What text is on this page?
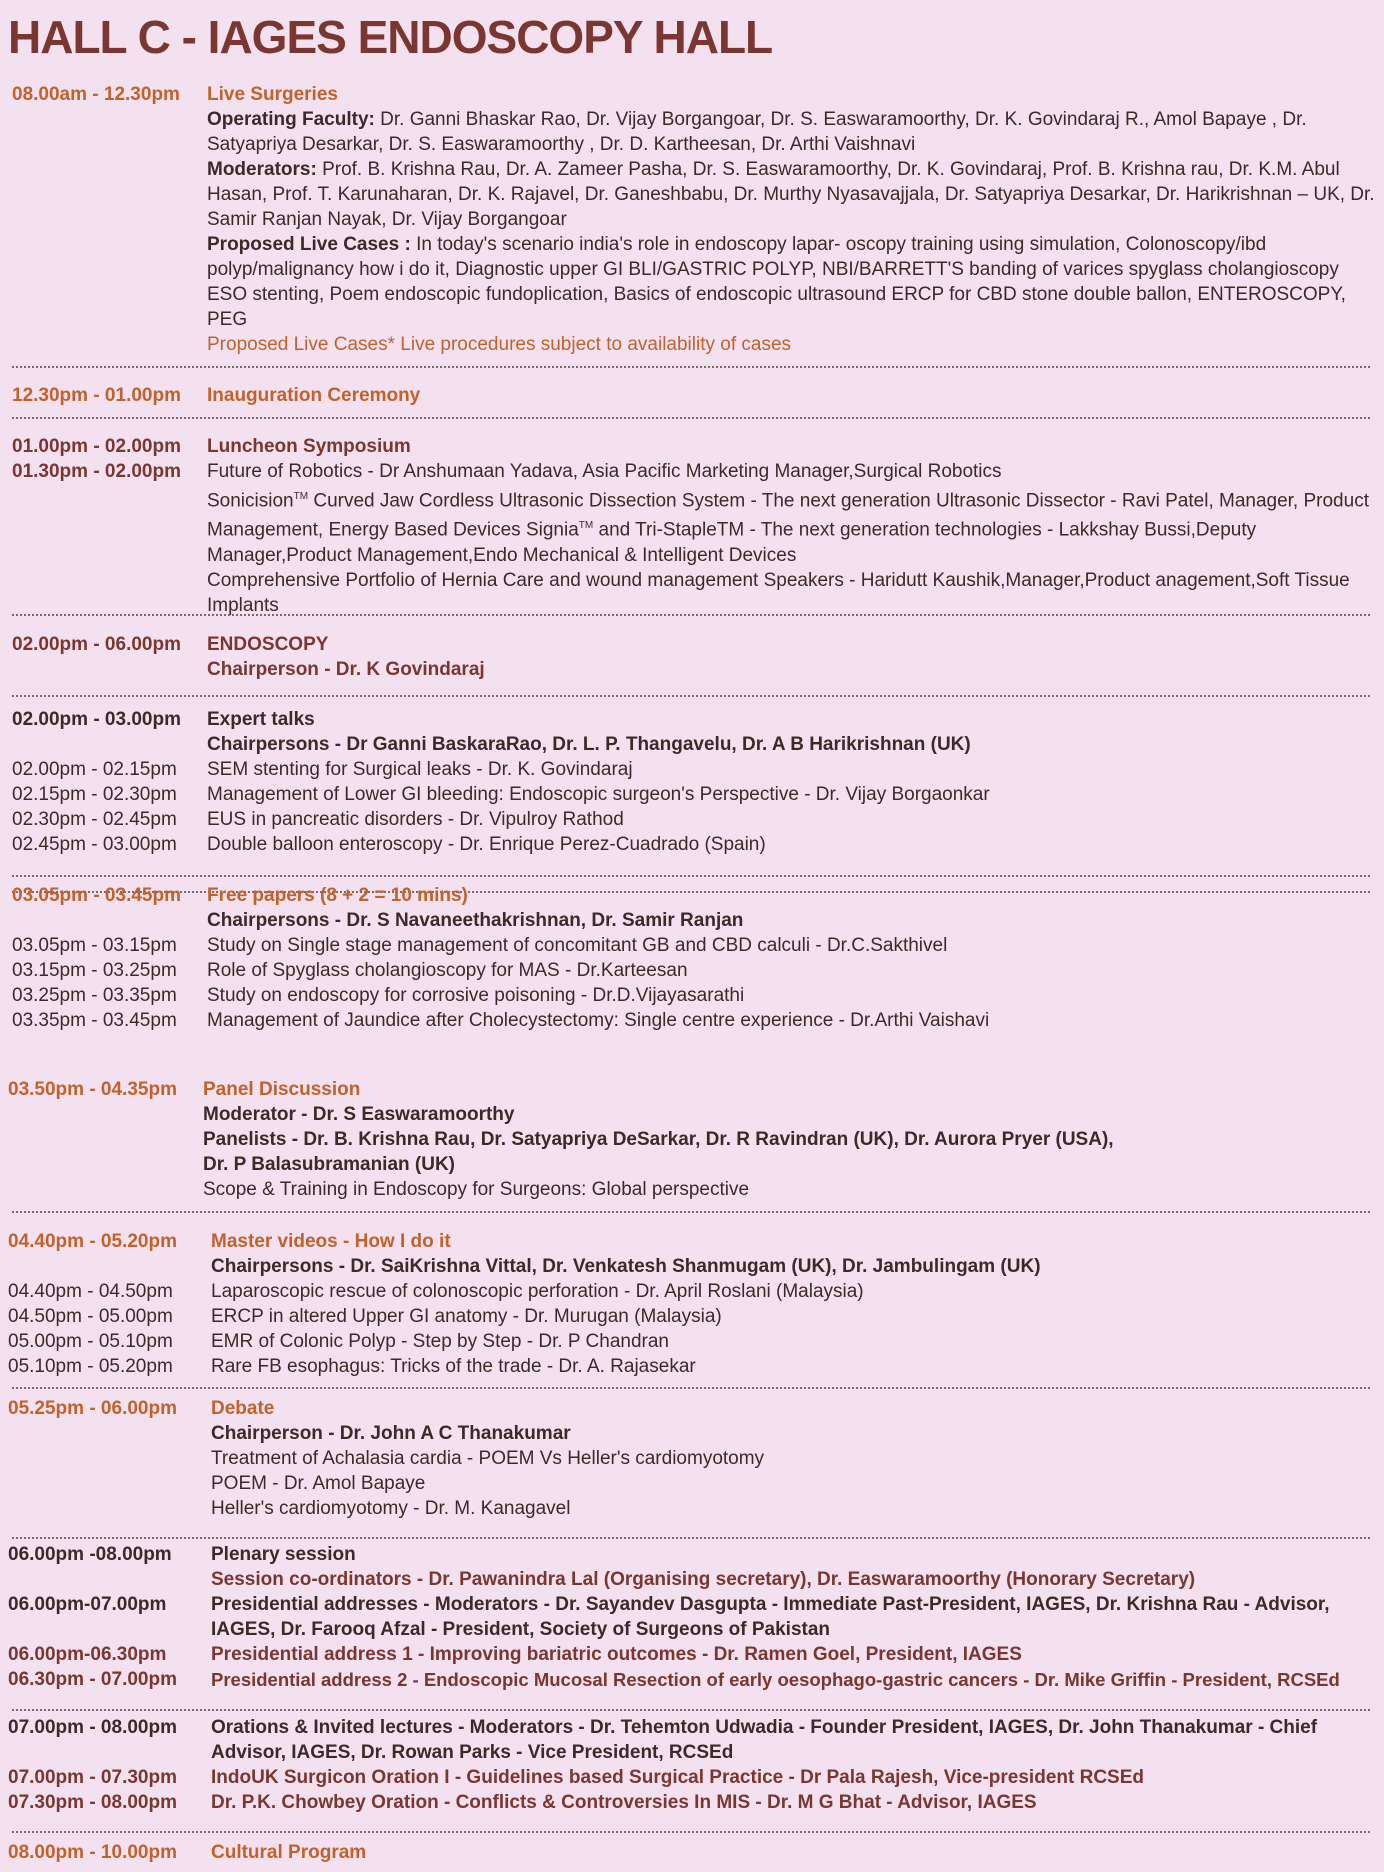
HALL C - IAGES ENDOSCOPY HALL
08.00am - 12.30pm Live Surgeries
Operating Faculty: Dr. Ganni Bhaskar Rao, Dr. Vijay Borgangoar, Dr. S. Easwaramoorthy, Dr. K. Govindaraj R., Amol Bapaye , Dr. Satyapriya Desarkar, Dr. S. Easwaramoorthy , Dr. D. Kartheesan, Dr. Arthi Vaishnavi
Moderators: Prof. B. Krishna Rau, Dr. A. Zameer Pasha, Dr. S. Easwaramoorthy, Dr. K. Govindaraj, Prof. B. Krishna rau, Dr. K.M. Abul Hasan, Prof. T. Karunaharan, Dr. K. Rajavel, Dr. Ganeshbabu, Dr. Murthy Nyasavajjala, Dr. Satyapriya Desarkar, Dr. Harikrishnan – UK, Dr. Samir Ranjan Nayak, Dr. Vijay Borgangoar
Proposed Live Cases : In today's scenario india's role in endoscopy lapar- oscopy training using simulation, Colonoscopy/ibd polyp/malignancy how i do it, Diagnostic upper GI BLI/GASTRIC POLYP, NBI/BARRETT'S banding of varices spyglass cholangioscopy ESO stenting, Poem endoscopic fundoplication, Basics of endoscopic ultrasound ERCP for CBD stone double ballon, ENTEROSCOPY, PEG
Proposed Live Cases* Live procedures subject to availability of cases
12.30pm - 01.00pm Inauguration Ceremony
01.00pm - 02.00pm
01.30pm - 02.00pm
Luncheon Symposium
Future of Robotics - Dr Anshumaan Yadava, Asia Pacific Marketing Manager,Surgical Robotics
Sonicision™ Curved Jaw Cordless Ultrasonic Dissection System - The next generation Ultrasonic Dissector - Ravi Patel, Manager, Product Management, Energy Based Devices Signia™ and Tri-StapleTM - The next generation technologies - Lakkshay Bussi,Deputy Manager,Product Management,Endo Mechanical & Intelligent Devices
Comprehensive Portfolio of Hernia Care and wound management Speakers - Haridutt Kaushik,Manager,Product anagement,Soft Tissue Implants
02.00pm - 06.00pm ENDOSCOPY
Chairperson - Dr. K Govindaraj
02.00pm - 03.00pm Expert talks
Chairpersons - Dr Ganni BaskaraRao, Dr. L. P. Thangavelu, Dr. A B Harikrishnan (UK)
02.00pm - 02.15pm SEM stenting for Surgical leaks - Dr. K. Govindaraj
02.15pm - 02.30pm Management of Lower GI bleeding: Endoscopic surgeon's Perspective - Dr. Vijay Borgaonkar
02.30pm - 02.45pm EUS in pancreatic disorders - Dr. Vipulroy Rathod
02.45pm - 03.00pm Double balloon enteroscopy - Dr. Enrique Perez-Cuadrado (Spain)
03.05pm - 03.45pm Free papers (8 + 2 = 10 mins)
Chairpersons - Dr. S Navaneethakrishnan, Dr. Samir Ranjan
03.05pm - 03.15pm Study on Single stage management of concomitant GB and CBD calculi - Dr.C.Sakthivel
03.15pm - 03.25pm Role of Spyglass cholangioscopy for MAS - Dr.Karteesan
03.25pm - 03.35pm Study on endoscopy for corrosive poisoning - Dr.D.Vijayasarathi
03.35pm - 03.45pm Management of Jaundice after Cholecystectomy: Single centre experience - Dr.Arthi Vaishavi
03.50pm - 04.35pm Panel Discussion
Moderator - Dr. S Easwaramoorthy
Panelists - Dr. B. Krishna Rau, Dr. Satyapriya DeSarkar, Dr. R Ravindran (UK), Dr. Aurora Pryer (USA),
Dr. P Balasubramanian (UK)
Scope & Training in Endoscopy for Surgeons: Global perspective
04.40pm - 05.20pm Master videos - How I do it
Chairpersons - Dr. SaiKrishna Vittal, Dr. Venkatesh Shanmugam (UK), Dr. Jambulingam (UK)
04.40pm - 04.50pm Laparoscopic rescue of colonoscopic perforation - Dr. April Roslani (Malaysia)
04.50pm - 05.00pm ERCP in altered Upper GI anatomy - Dr. Murugan (Malaysia)
05.00pm - 05.10pm EMR of Colonic Polyp - Step by Step - Dr. P Chandran
05.10pm - 05.20pm Rare FB esophagus: Tricks of the trade - Dr. A. Rajasekar
05.25pm - 06.00pm Debate
Chairperson - Dr. John A C Thanakumar
Treatment of Achalasia cardia - POEM Vs Heller's cardiomyotomy
POEM - Dr. Amol Bapaye
Heller's cardiomyotomy - Dr. M. Kanagavel
06.00pm -08.00pm Plenary session
Session co-ordinators - Dr. Pawanindra Lal (Organising secretary), Dr. Easwaramoorthy (Honorary Secretary)
06.00pm-07.00pm Presidential addresses - Moderators - Dr. Sayandev Dasgupta - Immediate Past-President, IAGES, Dr. Krishna Rau - Advisor, IAGES, Dr. Farooq Afzal - President, Society of Surgeons of Pakistan
06.00pm-06.30pm Presidential address 1 - Improving bariatric outcomes - Dr. Ramen Goel, President, IAGES
06.30pm - 07.00pm Presidential address 2 - Endoscopic Mucosal Resection of early oesophago-gastric cancers - Dr. Mike Griffin - President, RCSEd
07.00pm - 08.00pm Orations & Invited lectures - Moderators - Dr. Tehemton Udwadia - Founder President, IAGES, Dr. John Thanakumar - Chief Advisor, IAGES, Dr. Rowan Parks - Vice President, RCSEd
07.00pm - 07.30pm IndoUK Surgicon Oration I - Guidelines based Surgical Practice - Dr Pala Rajesh, Vice-president RCSEd
07.30pm - 08.00pm Dr. P.K. Chowbey Oration - Conflicts & Controversies In MIS - Dr. M G Bhat - Advisor, IAGES
08.00pm - 10.00pm Cultural Program
